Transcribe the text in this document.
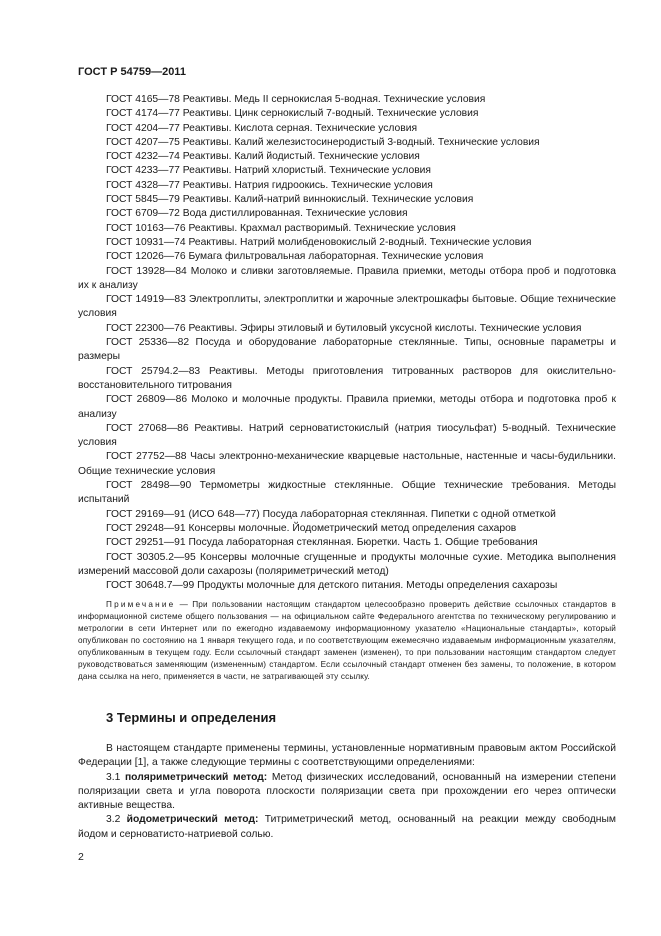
ГОСТ Р 54759—2011

ГОСТ 4165—78 Реактивы. Медь II сернокислая 5-водная. Технические условия

ГОСТ 4174—77 Реактивы. Цинк сернокислый 7-водный. Технические условия

ГОСТ 4204—77 Реактивы. Кислота серная. Технические условия

ГОСТ 4207—75 Реактивы. Калий железистосинеродистый 3-водный. Технические условия

ГОСТ 4232—74 Реактивы. Калий йодистый. Технические условия

ГОСТ 4233—77 Реактивы. Натрий хлористый. Технические условия

ГОСТ 4328—77 Реактивы. Натрия гидроокись. Технические условия

ГОСТ 5845—79 Реактивы. Калий-натрий виннокислый. Технические условия

ГОСТ 6709—72 Вода дистиллированная. Технические условия

ГОСТ 10163—76 Реактивы. Крахмал растворимый. Технические условия

ГОСТ 10931—74 Реактивы. Натрий молибденовокислый 2-водный. Технические условия

ГОСТ 12026—76 Бумага фильтровальная лабораторная. Технические условия

ГОСТ 13928—84 Молоко и сливки заготовляемые. Правила приемки, методы отбора проб и подготовка их к анализу

ГОСТ 14919—83 Электроплиты, электроплитки и жарочные электрошкафы бытовые. Общие технические условия

ГОСТ 22300—76 Реактивы. Эфиры этиловый и бутиловый уксусной кислоты. Технические условия

ГОСТ 25336—82 Посуда и оборудование лабораторные стеклянные. Типы, основные параметры и размеры

ГОСТ 25794.2—83 Реактивы. Методы приготовления титрованных растворов для окислительно-восстановительного титрования

ГОСТ 26809—86 Молоко и молочные продукты. Правила приемки, методы отбора и подготовка проб к анализу

ГОСТ 27068—86 Реактивы. Натрий серноватистокислый (натрия тиосульфат) 5-водный. Технические условия

ГОСТ 27752—88 Часы электронно-механические кварцевые настольные, настенные и часы-будильники. Общие технические условия

ГОСТ 28498—90 Термометры жидкостные стеклянные. Общие технические требования. Методы испытаний

ГОСТ 29169—91 (ИСО 648—77) Посуда лабораторная стеклянная. Пипетки с одной отметкой

ГОСТ 29248—91 Консервы молочные. Йодометрический метод определения сахаров

ГОСТ 29251—91 Посуда лабораторная стеклянная. Бюретки. Часть 1. Общие требования

ГОСТ 30305.2—95 Консервы молочные сгущенные и продукты молочные сухие. Методика выполнения измерений массовой доли сахарозы (поляриметрический метод)

ГОСТ 30648.7—99 Продукты молочные для детского питания. Методы определения сахарозы

Примечание — При пользовании настоящим стандартом целесообразно проверить действие ссылочных стандартов в информационной системе общего пользования — на официальном сайте Федерального агентства по техническому регулированию и метрологии в сети Интернет или по ежегодно издаваемому информационному указателю «Национальные стандарты», который опубликован по состоянию на 1 января текущего года, и по соответствующим ежемесячно издаваемым информационным указателям, опубликованным в текущем году. Если ссылочный стандарт заменен (изменен), то при пользовании настоящим стандартом следует руководствоваться заменяющим (измененным) стандартом. Если ссылочный стандарт отменен без замены, то положение, в котором дана ссылка на него, применяется в части, не затрагивающей эту ссылку.

3 Термины и определения

В настоящем стандарте применены термины, установленные нормативным правовым актом Российской Федерации [1], а также следующие термины с соответствующими определениями:

3.1 поляриметрический метод: Метод физических исследований, основанный на измерении степени поляризации света и угла поворота плоскости поляризации света при прохождении его через оптически активные вещества.

3.2 йодометрический метод: Титриметрический метод, основанный на реакции между свободным йодом и серноватисто-натриевой солью.

2
